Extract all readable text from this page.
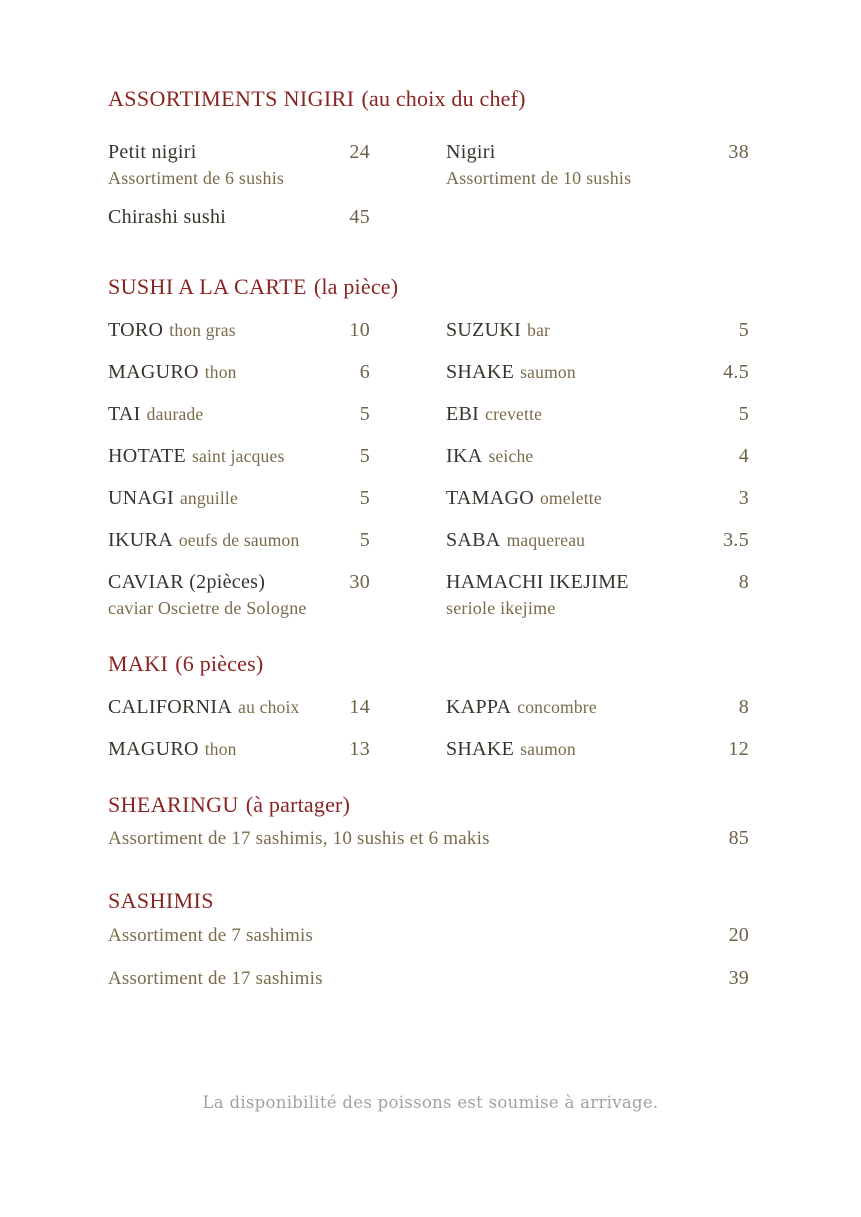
ASSORTIMENTS NIGIRI (au choix du chef)
Petit nigiri	24
Assortiment de 6 sushis
Nigiri	38
Assortiment de 10 sushis
Chirashi sushi	45
SUSHI A LA CARTE (la pièce)
TORO thon gras	10	SUZUKI bar	5
MAGURO thon	6	SHAKE saumon	4.5
TAI daurade	5	EBI crevette	5
HOTATE saint jacques	5	IKA seiche	4
UNAGI anguille	5	TAMAGO omelette	3
IKURA oeufs de saumon	5	SABA maquereau	3.5
CAVIAR (2pièces)	30
caviar Oscietre de Sologne
HAMACHI IKEJIME	8
seriole ikejime
MAKI (6 pièces)
CALIFORNIA au choix 14	KAPPA concombre	8
MAGURO thon	13	SHAKE saumon	12
SHEARINGU (à partager)
Assortiment de 17 sashimis, 10 sushis et 6 makis	85
SASHIMIS
Assortiment de 7 sashimis	20
Assortiment de 17 sashimis	39
La disponibilité des poissons est soumise à arrivage.
